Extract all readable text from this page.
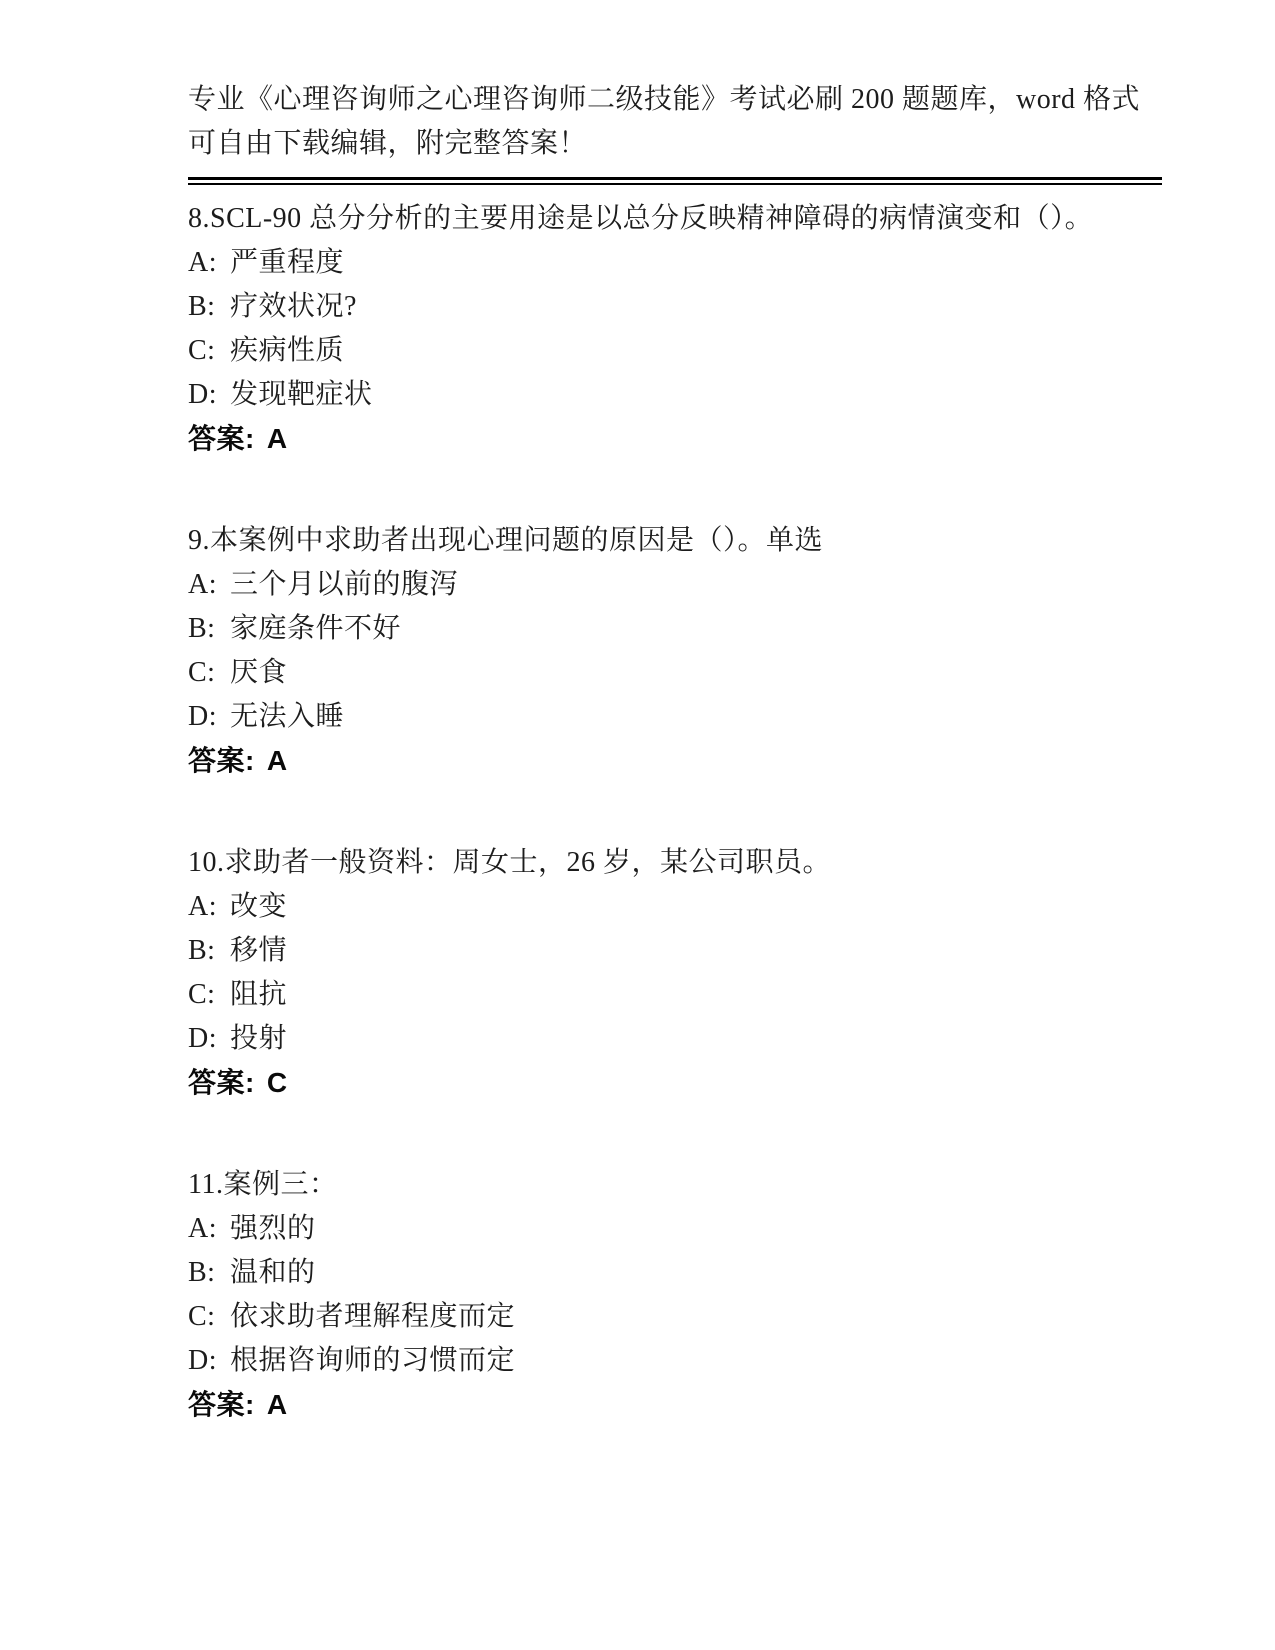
专业《心理咨询师之心理咨询师二级技能》考试必刷 200 题题库，word 格式可自由下载编辑，附完整答案！

8.SCL-90 总分分析的主要用途是以总分反映精神障碍的病情演变和（）。

A: 严重程度

B: 疗效状况?

C: 疾病性质

D: 发现靶症状

答案: A

9.本案例中求助者出现心理问题的原因是（）。单选

A: 三个月以前的腹泻

B: 家庭条件不好

C: 厌食

D: 无法入睡

答案: A

10.求助者一般资料：周女士，26 岁，某公司职员。

A: 改变

B: 移情

C: 阻抗

D: 投射

答案: C

11.案例三：

A: 强烈的

B: 温和的

C: 依求助者理解程度而定

D: 根据咨询师的习惯而定

答案: A
